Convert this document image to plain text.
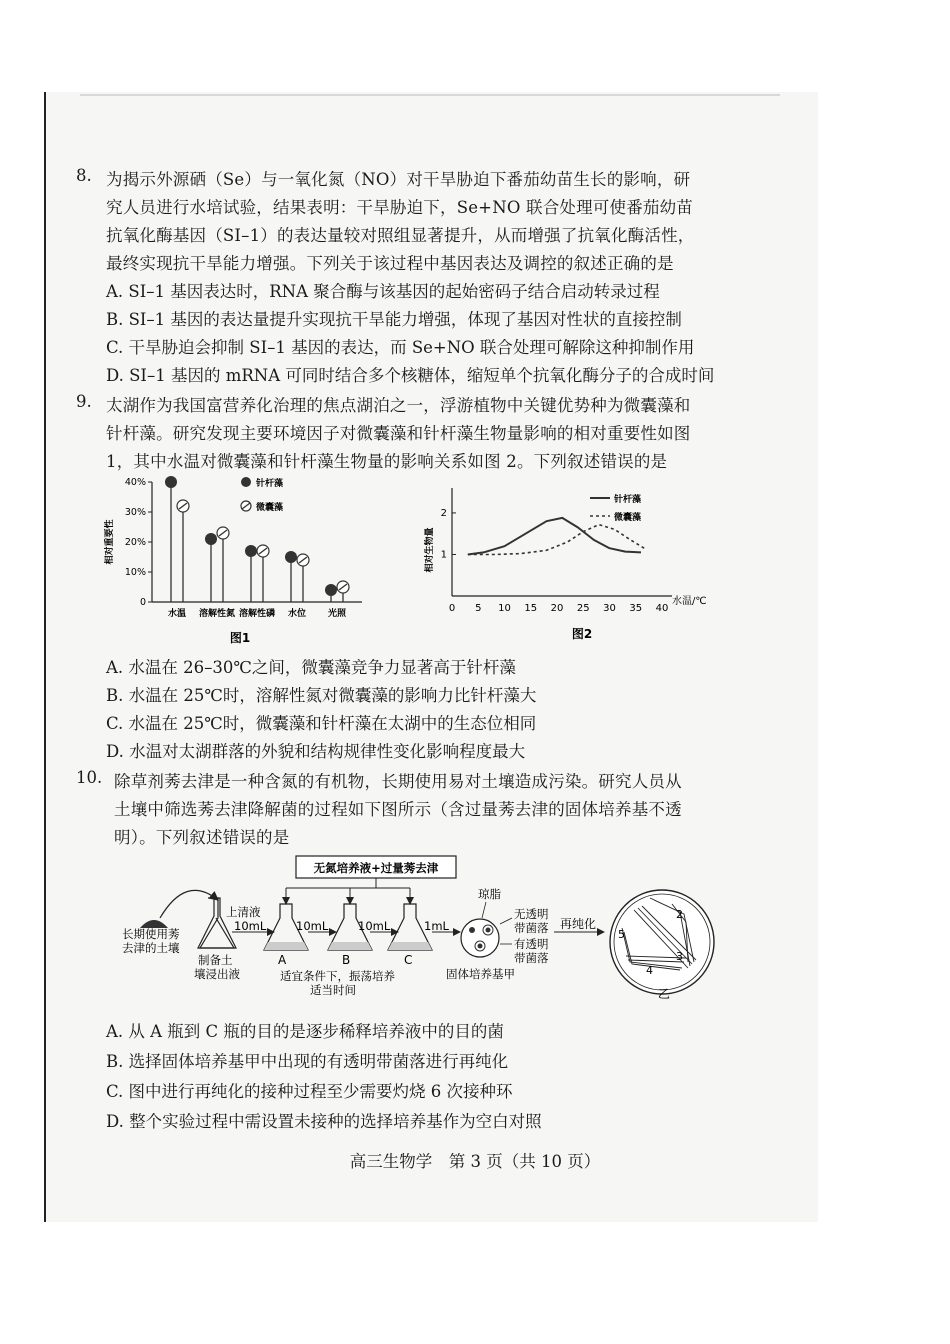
8. 为揭示外源硒（Se）与一氧化氮（NO）对干旱胁迫下番茄幼苗生长的影响，研
究人员进行水培试验，结果表明：干旱胁迫下，Se+NO 联合处理可使番茄幼苗
抗氧化酶基因（SI–1）的表达量较对照组显著提升，从而增强了抗氧化酶活性，
最终实现抗干旱能力增强。下列关于该过程中基因表达及调控的叙述正确的是
A. SI–1 基因表达时，RNA 聚合酶与该基因的起始密码子结合启动转录过程
B. SI–1 基因的表达量提升实现抗干旱能力增强，体现了基因对性状的直接控制
C. 干旱胁迫会抑制 SI–1 基因的表达，而 Se+NO 联合处理可解除这种抑制作用
D. SI–1 基因的 mRNA 可同时结合多个核糖体，缩短单个抗氧化酶分子的合成时间
9. 太湖作为我国富营养化治理的焦点湖泊之一，浮游植物中关键优势种为微囊藻和
针杆藻。研究发现主要环境因子对微囊藻和针杆藻生物量影响的相对重要性如图
1，其中水温对微囊藻和针杆藻生物量的影响关系如图 2。下列叙述错误的是
相对重要性
0
10%
20%
30%
40%
水温 溶解性氮 溶解性磷 水位 光照
针杆藻
微囊藻
图1
相对生物量
水温/℃
0 5 10 15 20 25 30 35 40
1
2
针杆藻
微囊藻
图2
A. 水温在 26–30℃之间，微囊藻竞争力显著高于针杆藻
B. 水温在 25℃时，溶解性氮对微囊藻的影响力比针杆藻大
C. 水温在 25℃时，微囊藻和针杆藻在太湖中的生态位相同
D. 水温对太湖群落的外貌和结构规律性变化影响程度最大
10. 除草剂莠去津是一种含氮的有机物，长期使用易对土壤造成污染。研究人员从
土壤中筛选莠去津降解菌的过程如下图所示（含过量莠去津的固体培养基不透
明）。下列叙述错误的是
无氮培养液+过量莠去津
长期使用莠
去津的土壤
上清液
10mL
制备土
壤浸出液
A
10mL
B
10mL
C
1mL
适宜条件下，振荡培养
适当时间
琼脂
无透明
带菌落
有透明
带菌落
固体培养基甲
再纯化
2
3
4
5
乙
A. 从 A 瓶到 C 瓶的目的是逐步稀释培养液中的目的菌
B. 选择固体培养基甲中出现的有透明带菌落进行再纯化
C. 图中进行再纯化的接种过程至少需要灼烧 6 次接种环
D. 整个实验过程中需设置未接种的选择培养基作为空白对照
高三生物学　第 3 页（共 10 页）
